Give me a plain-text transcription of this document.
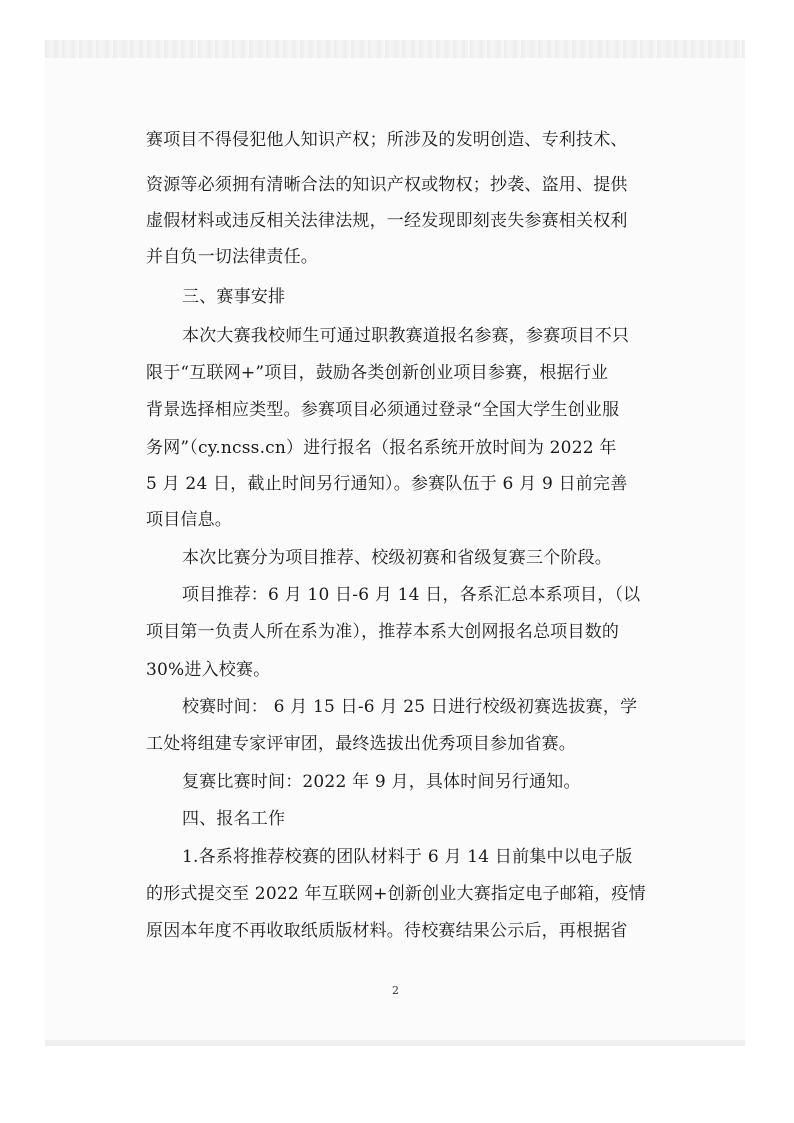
赛项目不得侵犯他人知识产权；所涉及的发明创造、专利技术、

资源等必须拥有清晰合法的知识产权或物权；抄袭、盗用、提供

虚假材料或违反相关法律法规，一经发现即刻丧失参赛相关权利

并自负一切法律责任。

三、赛事安排

本次大赛我校师生可通过职教赛道报名参赛，参赛项目不只

限于“互联网+”项目，鼓励各类创新创业项目参赛，根据行业

背景选择相应类型。参赛项目必须通过登录“全国大学生创业服

务网”（cy.ncss.cn）进行报名（报名系统开放时间为 2022 年

5 月 24 日，截止时间另行通知）。参赛队伍于 6 月 9 日前完善

项目信息。

本次比赛分为项目推荐、校级初赛和省级复赛三个阶段。

项目推荐：6 月 10 日-6 月 14 日，各系汇总本系项目，（以

项目第一负责人所在系为准），推荐本系大创网报名总项目数的

30%进入校赛。

校赛时间： 6 月 15 日-6 月 25 日进行校级初赛选拔赛，学

工处将组建专家评审团，最终选拔出优秀项目参加省赛。

复赛比赛时间：2022 年 9 月，具体时间另行通知。

四、报名工作

1.各系将推荐校赛的团队材料于 6 月 14 日前集中以电子版

的形式提交至 2022 年互联网+创新创业大赛指定电子邮箱，疫情

原因本年度不再收取纸质版材料。待校赛结果公示后，再根据省

2
